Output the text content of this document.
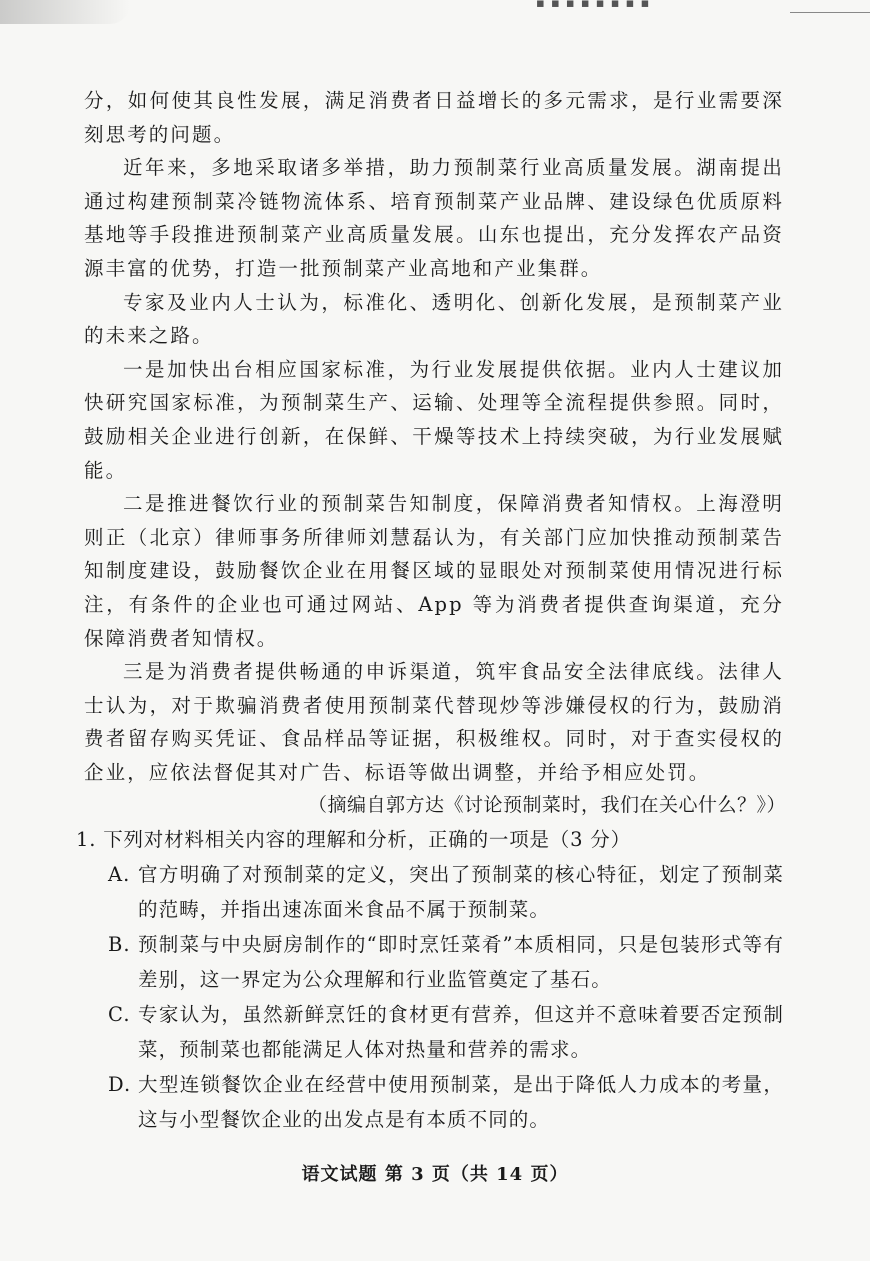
▪ ▪ ▪ ▪ ▪ ▪ ▪ ▪

分，如何使其良性发展，满足消费者日益增长的多元需求，是行业需要深刻思考的问题。

近年来，多地采取诸多举措，助力预制菜行业高质量发展。湖南提出通过构建预制菜冷链物流体系、培育预制菜产业品牌、建设绿色优质原料基地等手段推进预制菜产业高质量发展。山东也提出，充分发挥农产品资源丰富的优势，打造一批预制菜产业高地和产业集群。

专家及业内人士认为，标准化、透明化、创新化发展，是预制菜产业的未来之路。

一是加快出台相应国家标准，为行业发展提供依据。业内人士建议加快研究国家标准，为预制菜生产、运输、处理等全流程提供参照。同时，鼓励相关企业进行创新，在保鲜、干燥等技术上持续突破，为行业发展赋能。

二是推进餐饮行业的预制菜告知制度，保障消费者知情权。上海澄明则正（北京）律师事务所律师刘慧磊认为，有关部门应加快推动预制菜告知制度建设，鼓励餐饮企业在用餐区域的显眼处对预制菜使用情况进行标注，有条件的企业也可通过网站、App 等为消费者提供查询渠道，充分保障消费者知情权。

三是为消费者提供畅通的申诉渠道，筑牢食品安全法律底线。法律人士认为，对于欺骗消费者使用预制菜代替现炒等涉嫌侵权的行为，鼓励消费者留存购买凭证、食品样品等证据，积极维权。同时，对于查实侵权的企业，应依法督促其对广告、标语等做出调整，并给予相应处罚。

（摘编自郭方达《讨论预制菜时，我们在关心什么？》）

1. 下列对材料相关内容的理解和分析，正确的一项是（3 分）

A. 官方明确了对预制菜的定义，突出了预制菜的核心特征，划定了预制菜的范畴，并指出速冻面米食品不属于预制菜。

B. 预制菜与中央厨房制作的“即时烹饪菜肴”本质相同，只是包装形式等有差别，这一界定为公众理解和行业监管奠定了基石。

C. 专家认为，虽然新鲜烹饪的食材更有营养，但这并不意味着要否定预制菜，预制菜也都能满足人体对热量和营养的需求。

D. 大型连锁餐饮企业在经营中使用预制菜，是出于降低人力成本的考量，这与小型餐饮企业的出发点是有本质不同的。

语文试题 第 3 页（共 14 页）
